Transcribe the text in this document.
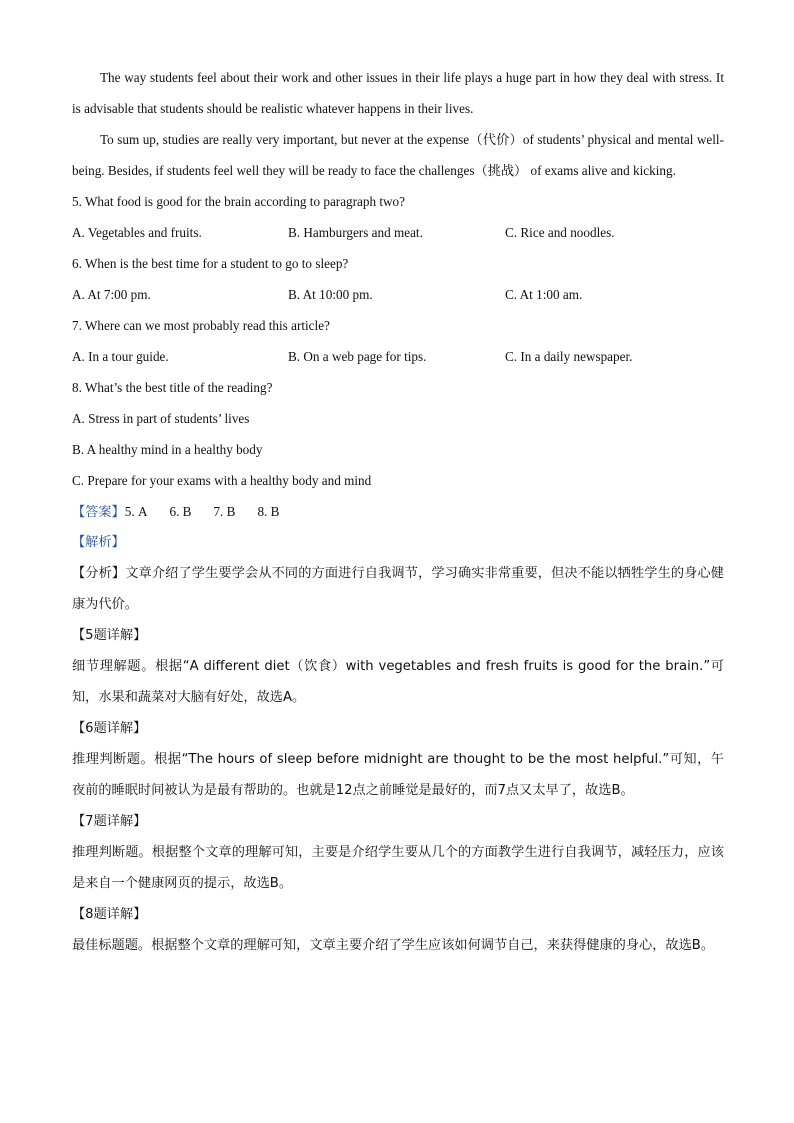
The way students feel about their work and other issues in their life plays a huge part in how they deal with stress. It is advisable that students should be realistic whatever happens in their lives.

To sum up, studies are really very important, but never at the expense（代价）of students’ physical and mental well-being. Besides, if students feel well they will be ready to face the challenges（挑战） of exams alive and kicking.

5. What food is good for the brain according to paragraph two?

A. Vegetables and fruits.	B. Hamburgers and meat.	C. Rice and noodles.

6. When is the best time for a student to go to sleep?

A. At 7:00 pm.	B. At 10:00 pm.	C. At 1:00 am.

7. Where can we most probably read this article?

A. In a tour guide.	B. On a web page for tips.	C. In a daily newspaper.

8. What’s the best title of the reading?

A. Stress in part of students’ lives

B. A healthy mind in a healthy body

C. Prepare for your exams with a healthy body and mind

【答案】5. A 6. B 7. B 8. B

【解析】

【分析】文章介绍了学生要学会从不同的方面进行自我调节，学习确实非常重要，但决不能以牺牲学生的身心健康为代价。

【5题详解】

细节理解题。根据“A different diet（饮食）with vegetables and fresh fruits is good for the brain.”可知，水果和蔬菜对大脑有好处，故选A。

【6题详解】

推理判断题。根据“The hours of sleep before midnight are thought to be the most helpful.”可知，午夜前的睡眠时间被认为是最有帮助的。也就是12点之前睡觉是最好的，而7点又太早了，故选B。

【7题详解】

推理判断题。根据整个文章的理解可知，主要是介绍学生要从几个的方面教学生进行自我调节，减轻压力，应该是来自一个健康网页的提示，故选B。

【8题详解】

最佳标题题。根据整个文章的理解可知，文章主要介绍了学生应该如何调节自己，来获得健康的身心，故选B。
